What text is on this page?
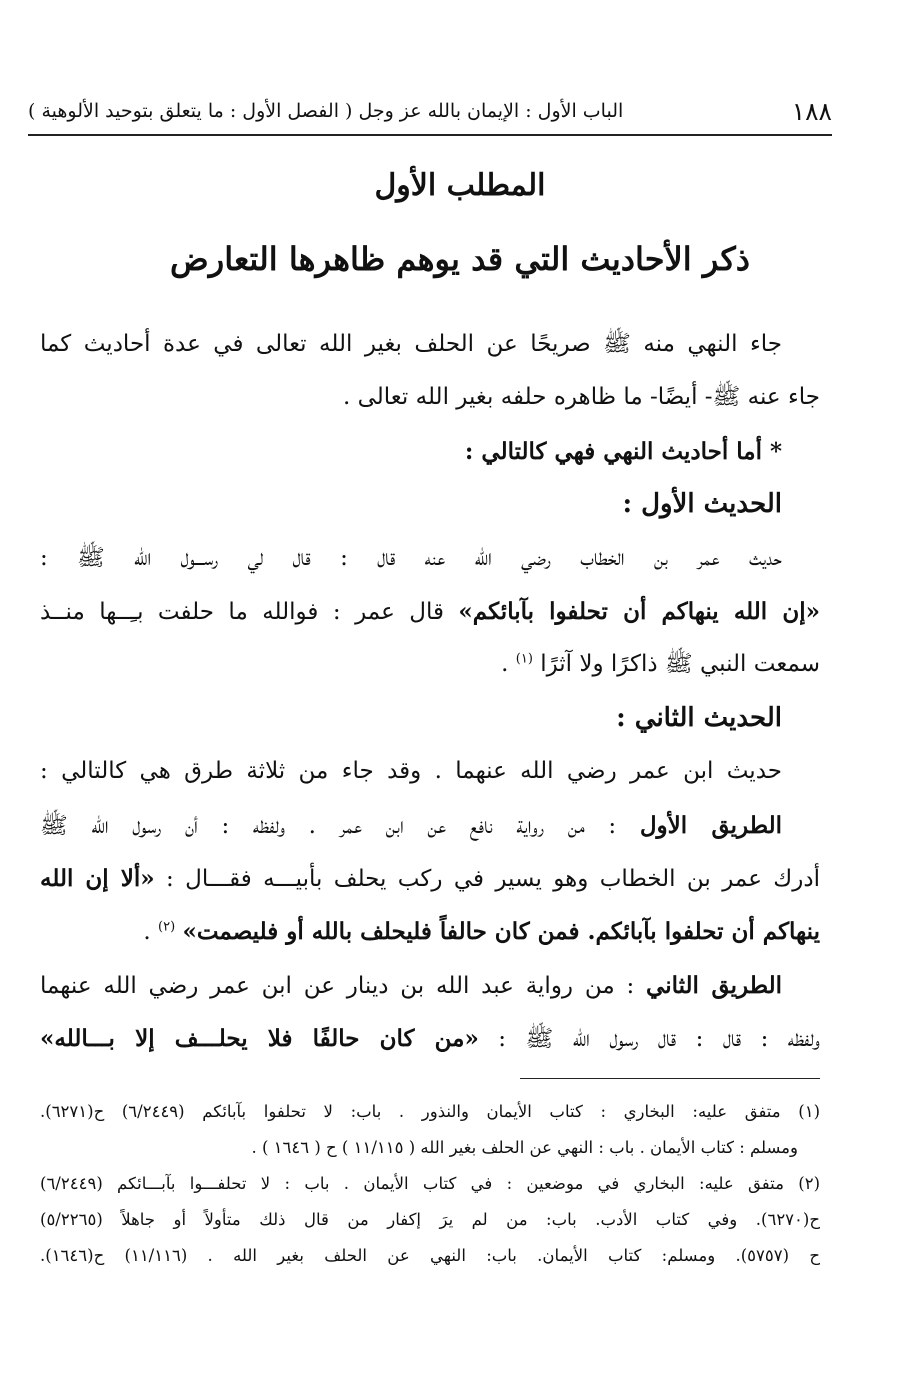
١٨٨
الباب الأول : الإيمان بالله عز وجل ( الفصل الأول : ما يتعلق بتوحيد الألوهية )
المطلب الأول
ذكر الأحاديث التي قد يوهم ظاهرها التعارض
جاء النهي منه ﷺ صريحًا عن الحلف بغير الله تعالى في عدة أحاديث كما
جاء عنه ﷺ- أيضًا- ما ظاهره حلفه بغير الله تعالى .
* أما أحاديث النهي فهي كالتالي :
الحديث الأول :
حديث عمر بن الخطاب رضي الله عنه قال : قال لي رســـول الله ﷺ :
«إن الله ينهاكم أن تحلفوا بآبائكم» قال عمر : فوالله ما حلفت بـِــها منــذ
سمعت النبي ﷺ ذاكرًا ولا آثرًا $^{(١)}$ .
الحديث الثاني :
حديث ابن عمر رضي الله عنهما . وقد جاء من ثلاثة طرق هي كالتالي :
الطريق الأول : من رواية نافع عن ابن عمر . ولفظه : أن رسول الله ﷺ
أدرك عمر بن الخطاب وهو يسير في ركب يحلف بأبيـــه فقـــال : «ألا إن الله
ينهاكم أن تحلفوا بآبائكم. فمن كان حالفاً فليحلف بالله أو فليصمت» $^{(٢)}$ .
الطريق الثاني : من رواية عبد الله بن دينار عن ابن عمر رضي الله عنهما
ولفظه : قال : قال رسول الله ﷺ : «من كان حالفًا فلا يحلـــف إلا بـــالله»
(١) متفق عليه: البخاري : كتاب الأيمان والنذور . باب: لا تحلفوا بآبائكم (٦/٢٤٤٩) ح(٦٢٧١).
ومسلم : كتاب الأيمان . باب : النهي عن الحلف بغير الله ( ١١/١١٥ ) ح ( ١٦٤٦ ) .
(٢) متفق عليه: البخاري في موضعين : في كتاب الأيمان . باب : لا تحلفـــوا بآبـــائكم (٦/٢٤٤٩)
ح(٦٢٧٠). وفي كتاب الأدب. باب: من لم يرَ إكفار من قال ذلك متأولاً أو جاهلاً (٥/٢٢٦٥)
ح (٥٧٥٧). ومسلم: كتاب الأيمان. باب: النهي عن الحلف بغير الله . (١١/١١٦) ح(١٦٤٦).
